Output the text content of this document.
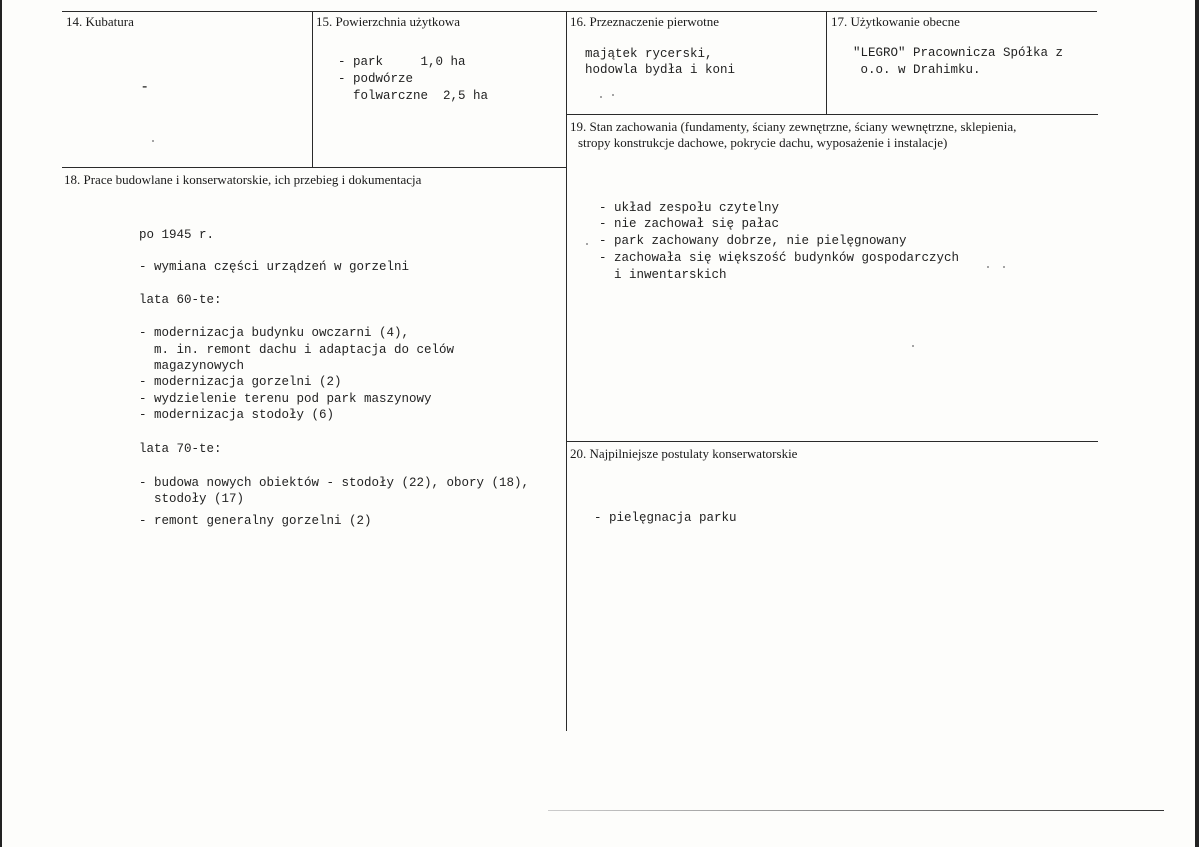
14. Kubatura
-
15. Powierzchnia użytkowa
- park     1,0 ha
- podwórze
folwarczne  2,5 ha
16. Przeznaczenie pierwotne
majątek rycerski,
hodowla bydła i koni
17. Użytkowanie obecne
"LEGRO" Pracownicza Spółka z
o.o. w Drahimku.
18. Prace budowlane i konserwatorskie, ich przebieg i dokumentacja
po 1945 r.
- wymiana części urządzeń w gorzelni
lata 60-te:
- modernizacja budynku owczarni (4),
m. in. remont dachu i adaptacja do celów
magazynowych
- modernizacja gorzelni (2)
- wydzielenie terenu pod park maszynowy
- modernizacja stodoły (6)
lata 70-te:
- budowa nowych obiektów - stodoły (22), obory (18),
stodoły (17)
- remont generalny gorzelni (2)
19. Stan zachowania (fundamenty, ściany zewnętrzne, ściany wewnętrzne, sklepienia,
stropy konstrukcje dachowe, pokrycie dachu, wyposażenie i instalacje)
- układ zespołu czytelny
- nie zachował się pałac
- park zachowany dobrze, nie pielęgnowany
- zachowała się większość budynków gospodarczych
i inwentarskich
20. Najpilniejsze postulaty konserwatorskie
- pielęgnacja parku
